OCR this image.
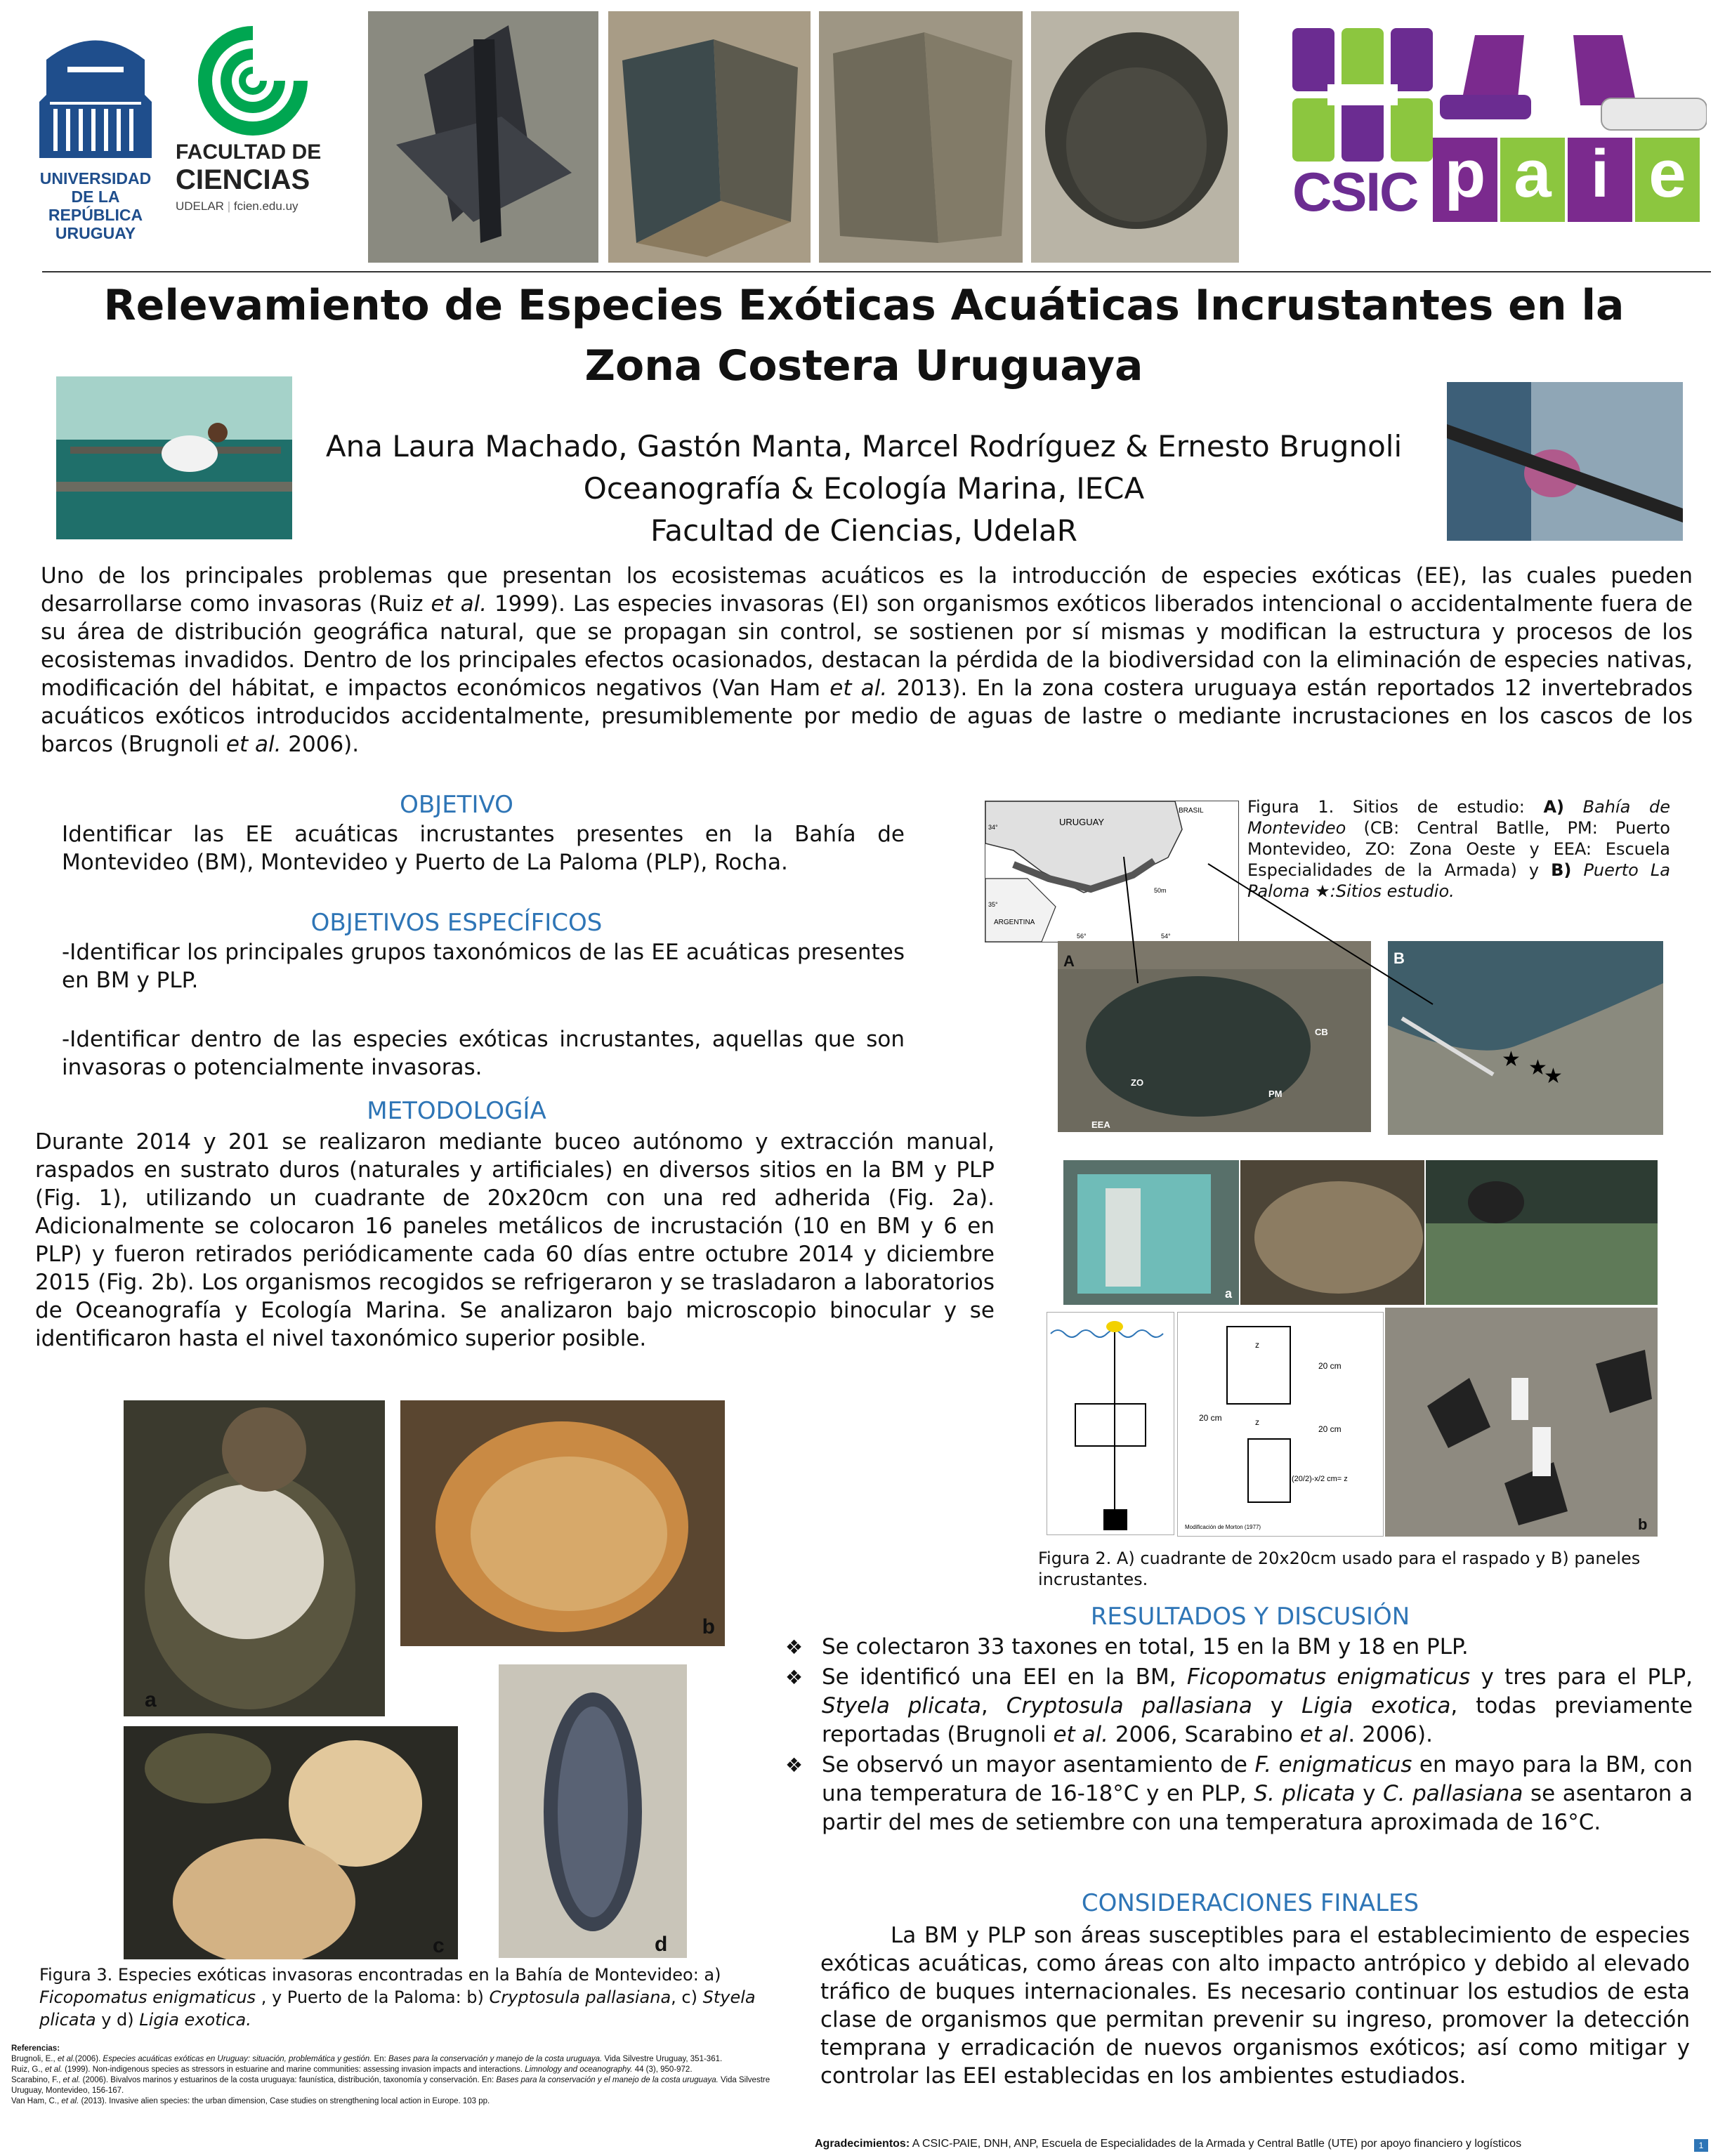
UNIVERSIDAD
DE LA REPÚBLICA
URUGUAY
FACULTAD DE
CIENCIAS
UDELAR | fcien.edu.uy	CSIC p a i e
Relevamiento de Especies Exóticas Acuáticas Incrustantes en la Zona Costera Uruguaya
Ana Laura Machado, Gastón Manta, Marcel Rodríguez & Ernesto Brugnoli
Oceanografía & Ecología Marina, IECA
Facultad de Ciencias, UdelaR
Uno de los principales problemas que presentan los ecosistemas acuáticos es la introducción de especies exóticas (EE), las cuales pueden desarrollarse como invasoras (Ruiz et al. 1999). Las especies invasoras (EI) son organismos exóticos liberados intencional o accidentalmente fuera de su área de distribución geográfica natural, que se propagan sin control, se sostienen por sí mismas y modifican la estructura y procesos de los ecosistemas invadidos. Dentro de los principales efectos ocasionados, destacan la pérdida de la biodiversidad con la eliminación de especies nativas, modificación del hábitat, e impactos económicos negativos (Van Ham et al. 2013). En la zona costera uruguaya están reportados 12 invertebrados acuáticos exóticos introducidos accidentalmente, presumiblemente por medio de aguas de lastre o mediante incrustaciones en los cascos de los barcos (Brugnoli et al. 2006).
OBJETIVO
Identificar las EE acuáticas incrustantes presentes en la Bahía de Montevideo (BM), Montevideo y Puerto de La Paloma (PLP), Rocha.
OBJETIVOS ESPECÍFICOS
-Identificar los principales grupos taxonómicos de las EE acuáticas presentes en BM y PLP.
-Identificar dentro de las especies exóticas incrustantes, aquellas que son invasoras o potencialmente invasoras.
METODOLOGÍA
Durante 2014 y 201 se realizaron mediante buceo autónomo y extracción manual, raspados en sustrato duros (naturales y artificiales) en diversos sitios en la BM y PLP (Fig. 1), utilizando un cuadrante de 20x20cm con una red adherida (Fig. 2a). Adicionalmente se colocaron 16 paneles metálicos de incrustación (10 en BM y 6 en PLP) y fueron retirados periódicamente cada 60 días entre octubre 2014 y diciembre 2015 (Fig. 2b). Los organismos recogidos se refrigeraron y se trasladaron a laboratorios de Oceanografía y Ecología Marina. Se analizaron bajo microscopio binocular y se identificaron hasta el nivel taxonómico superior posible.
a
b
c	d
Figura 3. Especies exóticas invasoras encontradas en la Bahía de Montevideo: a) Ficopomatus enigmaticus , y Puerto de la Paloma: b) Cryptosula pallasiana, c) Styela plicata y d) Ligia exotica.

Referencias:

Brugnoli, E., et al.(2006). Especies acuáticas exóticas en Uruguay: situación, problemática y gestión. En: Bases para la conservación y manejo de la costa uruguaya. Vida Silvestre Uruguay, 351-361.

Ruiz, G., et al. (1999). Non-indigenous species as stressors in estuarine and marine communities: assessing invasion impacts and interactions. Limnology and oceanography. 44 (3), 950-972.

Scarabino, F., et al. (2006). Bivalvos marinos y estuarinos de la costa uruguaya: faunística, distribución, taxonomía y conservación. En: Bases para la conservación y el manejo de la costa uruguaya. Vida Silvestre Uruguay, Montevideo, 156-167.

Van Ham, C., et al. (2013). Invasive alien species: the urban dimension, Case studies on strengthening local action in Europe. 103 pp.

URUGUAY
BRASIL
ARGENTINA
34°
35°
56°	54°
50m
Figura 1. Sitios de estudio: A) Bahía de Montevideo (CB: Central Batlle, PM: Puerto Montevideo, ZO: Zona Oeste y EEA: Escuela Especialidades de la Armada) y B) Puerto La Paloma ★:Sitios estudio.
A
CB
ZO
PM
EEA
B
★ ★
★
a
20 cm
20 cm
20 cm
z
z
(20/2)-x/2 cm= z
Modificación de Morton (1977)	b
Figura 2. A) cuadrante de 20x20cm usado para el raspado y B) paneles incrustantes.
RESULTADOS Y DISCUSIÓN
❖ Se colectaron 33 taxones en total, 15 en la BM y 18 en PLP.
❖ Se identificó una EEI en la BM, Ficopomatus enigmaticus y tres para el PLP, Styela plicata, Cryptosula pallasiana y Ligia exotica, todas previamente reportadas (Brugnoli et al. 2006, Scarabino et al. 2006).
❖ Se observó un mayor asentamiento de F. enigmaticus en mayo para la BM, con una temperatura de 16-18°C y en PLP, S. plicata y C. pallasiana se asentaron a partir del mes de setiembre con una temperatura aproximada de 16°C.
CONSIDERACIONES FINALES
La BM y PLP son áreas susceptibles para el establecimiento de especies exóticas acuáticas, como áreas con alto impacto antrópico y debido al elevado tráfico de buques internacionales. Es necesario continuar los estudios de esta clase de organismos que permitan prevenir su ingreso, promover la detección temprana y erradicación de nuevos organismos exóticos; así como mitigar y controlar las EEI establecidas en los ambientes estudiados.
Agradecimientos: A CSIC-PAIE, DNH, ANP, Escuela de Especialidades de la Armada y Central Batlle (UTE) por apoyo financiero y logísticos	1
